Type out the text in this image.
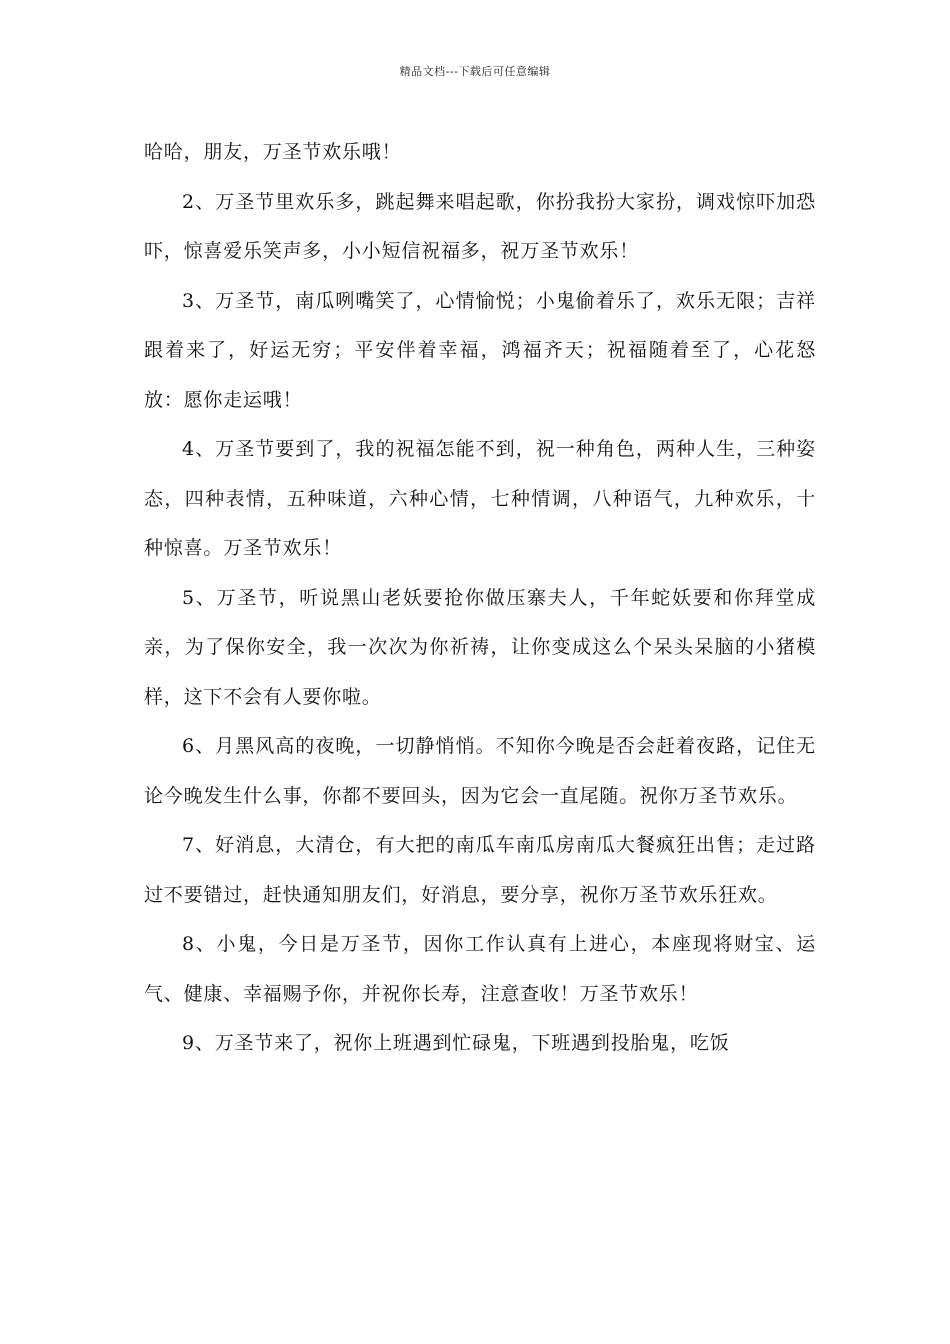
精品文档---下载后可任意编辑

哈哈，朋友，万圣节欢乐哦！

2、万圣节里欢乐多，跳起舞来唱起歌，你扮我扮大家扮，调戏惊吓加恐吓，惊喜爱乐笑声多，小小短信祝福多，祝万圣节欢乐！

3、万圣节，南瓜咧嘴笑了，心情愉悦；小鬼偷着乐了，欢乐无限；吉祥跟着来了，好运无穷；平安伴着幸福，鸿福齐天；祝福随着至了，心花怒放：愿你走运哦！

4、万圣节要到了，我的祝福怎能不到，祝一种角色，两种人生，三种姿态，四种表情，五种味道，六种心情，七种情调，八种语气，九种欢乐，十种惊喜。万圣节欢乐！

5、万圣节，听说黑山老妖要抢你做压寨夫人，千年蛇妖要和你拜堂成亲，为了保你安全，我一次次为你祈祷，让你变成这么个呆头呆脑的小猪模样，这下不会有人要你啦。

6、月黑风高的夜晚，一切静悄悄。不知你今晚是否会赶着夜路，记住无论今晚发生什么事，你都不要回头，因为它会一直尾随。祝你万圣节欢乐。

7、好消息，大清仓，有大把的南瓜车南瓜房南瓜大餐疯狂出售；走过路过不要错过，赶快通知朋友们，好消息，要分享，祝你万圣节欢乐狂欢。

8、小鬼，今日是万圣节，因你工作认真有上进心，本座现将财宝、运气、健康、幸福赐予你，并祝你长寿，注意查收！万圣节欢乐！

9、万圣节来了，祝你上班遇到忙碌鬼，下班遇到投胎鬼，吃饭
